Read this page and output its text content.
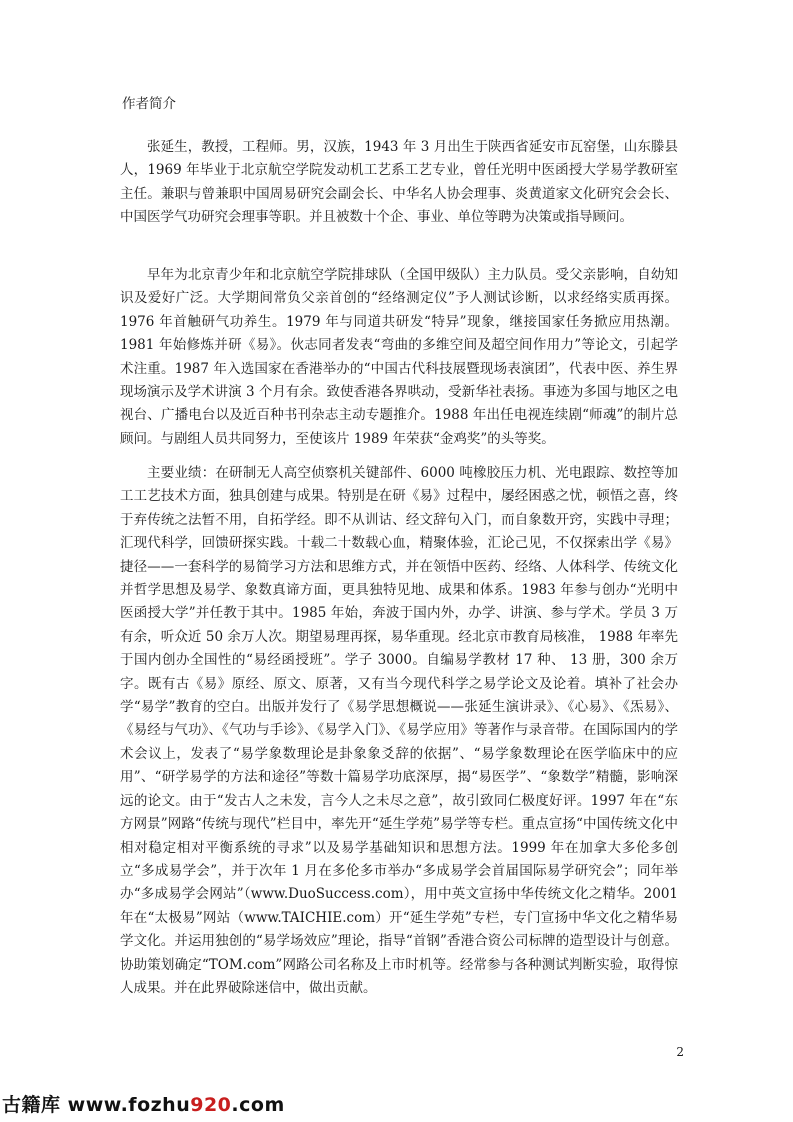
作者简介

张延生，教授，工程师。男，汉族，1943 年 3 月出生于陕西省延安市瓦窑堡，山东滕县人，1969 年毕业于北京航空学院发动机工艺系工艺专业，曾任光明中医函授大学易学教研室主任。兼职与曾兼职中国周易研究会副会长、中华名人协会理事、炎黄道家文化研究会会长、中国医学气功研究会理事等职。并且被数十个企、事业、单位等聘为决策或指导顾问。

早年为北京青少年和北京航空学院排球队（全国甲级队）主力队员。受父亲影响，自幼知识及爱好广泛。大学期间常负父亲首创的“经络测定仪”予人测试诊断，以求经络实质再探。1976 年首触研气功养生。1979 年与同道共研发“特异”现象，继接国家任务掀应用热潮。1981 年始修炼并研《易》。伙志同者发表“弯曲的多维空间及超空间作用力”等论文，引起学术注重。1987 年入选国家在香港举办的“中国古代科技展暨现场表演团”，代表中医、养生界现场演示及学术讲演 3 个月有余。致使香港各界哄动，受新华社表扬。事迹为多国与地区之电视台、广播电台以及近百种书刊杂志主动专题推介。1988 年出任电视连续剧“师魂”的制片总顾问。与剧组人员共同努力，至使该片 1989 年荣获“金鸡奖”的头等奖。

主要业绩：在研制无人高空侦察机关键部件、6000 吨橡胶压力机、光电跟踪、数控等加工工艺技术方面，独具创建与成果。特别是在研《易》过程中，屡经困惑之忧，顿悟之喜，终于弃传统之法暂不用，自拓学经。即不从训诂、经文辞句入门，而自象数开窍，实践中寻理；汇现代科学，回馈研探实践。十载二十数载心血，精聚体验，汇论己见，不仅探索出学《易》捷径——一套科学的易简学习方法和思维方式，并在领悟中医药、经络、人体科学、传统文化并哲学思想及易学、象数真谛方面，更具独特见地、成果和体系。1983 年参与创办“光明中医函授大学”并任教于其中。1985 年始，奔波于国内外，办学、讲演、参与学术。学员 3 万有余，听众近 50 余万人次。期望易理再探，易华重现。经北京市教育局核准， 1988 年率先于国内创办全国性的“易经函授班”。学子 3000。自编易学教材 17 种、 13 册，300 余万字。既有古《易》原经、原文、原著，又有当今现代科学之易学论文及论着。填补了社会办学“易学”教育的空白。出版并发行了《易学思想概说——张延生演讲录》、《心易》、《炁易》、《易经与气功》、《气功与手诊》、《易学入门》、《易学应用》等著作与录音带。在国际国内的学术会议上，发表了“易学象数理论是卦象象爻辞的依据”、“易学象数理论在医学临床中的应用”、“研学易学的方法和途径”等数十篇易学功底深厚，揭“易医学”、“象数学”精髓，影响深远的论文。由于“发古人之未发，言今人之未尽之意”，故引致同仁极度好评。1997 年在“东方网景”网路“传统与现代”栏目中，率先开“延生学苑”易学等专栏。重点宣扬“中国传统文化中相对稳定相对平衡系统的寻求”以及易学基础知识和思想方法。1999 年在加拿大多伦多创立“多成易学会”，并于次年 1 月在多伦多市举办“多成易学会首届国际易学研究会”；同年举办“多成易学会网站”（www.DuoSuccess.com），用中英文宣扬中华传统文化之精华。2001 年在“太极易”网站（www.TAICHIE.com）开“延生学苑”专栏，专门宣扬中华文化之精华易学文化。并运用独创的“易学场效应”理论，指导“首钢”香港合资公司标牌的造型设计与创意。协助策划确定“TOM.com”网路公司名称及上市时机等。经常参与各种测试判断实验，取得惊人成果。并在此界破除迷信中，做出贡献。

2
古籍库 www.fozhu920.com
